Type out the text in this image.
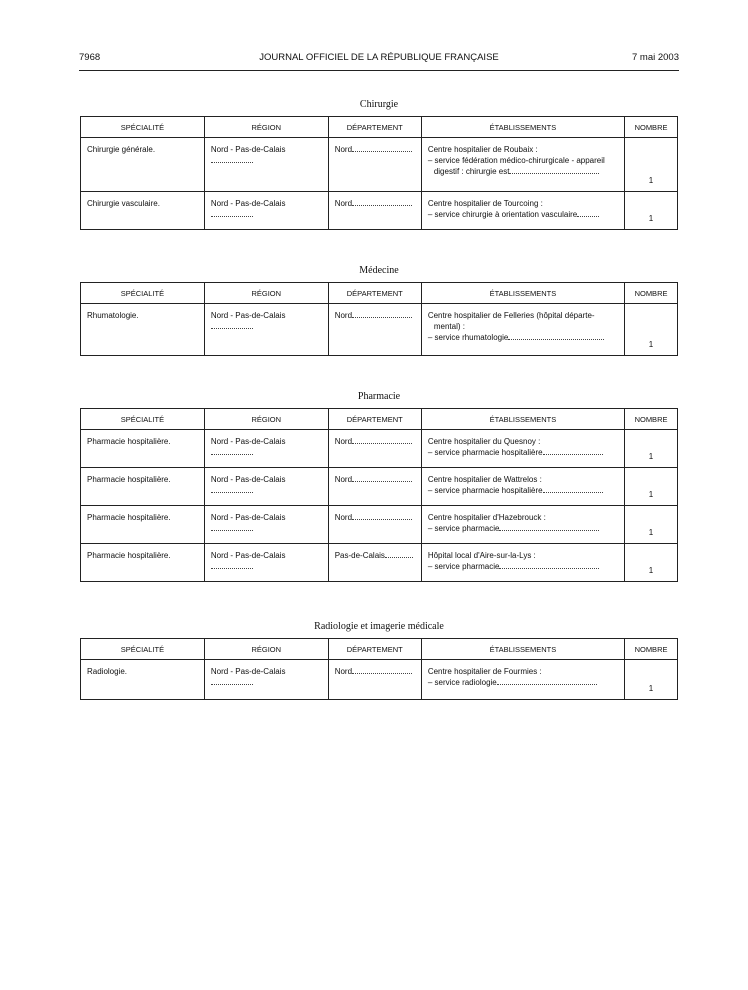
7968	JOURNAL OFFICIEL DE LA RÉPUBLIQUE FRANÇAISE	7 mai 2003
Chirurgie
SPÉCIALITÉ	RÉGION	DÉPARTEMENT	ÉTABLISSEMENTS	NOMBRE
Chirurgie générale.	Nord - Pas-de-Calais	Nord	Centre hospitalier de Roubaix :
– service fédération médico-chirurgicale - appareil
digestif : chirurgie est	1
Chirurgie vasculaire.	Nord - Pas-de-Calais	Nord	Centre hospitalier de Tourcoing :
– service chirurgie à orientation vasculaire	1
Médecine
SPÉCIALITÉ	RÉGION	DÉPARTEMENT	ÉTABLISSEMENTS	NOMBRE
Rhumatologie.	Nord - Pas-de-Calais	Nord	Centre hospitalier de Felleries (hôpital départe-
mental) :
– service rhumatologie	1
Pharmacie
SPÉCIALITÉ	RÉGION	DÉPARTEMENT	ÉTABLISSEMENTS	NOMBRE
Pharmacie hospitalière.	Nord - Pas-de-Calais	Nord	Centre hospitalier du Quesnoy :
– service pharmacie hospitalière	1
Pharmacie hospitalière.	Nord - Pas-de-Calais	Nord	Centre hospitalier de Wattrelos :
– service pharmacie hospitalière	1
Pharmacie hospitalière.	Nord - Pas-de-Calais	Nord	Centre hospitalier d'Hazebrouck :
– service pharmacie	1
Pharmacie hospitalière.	Nord - Pas-de-Calais	Pas-de-Calais	Hôpital local d'Aire-sur-la-Lys :
– service pharmacie	1
Radiologie et imagerie médicale
SPÉCIALITÉ	RÉGION	DÉPARTEMENT	ÉTABLISSEMENTS	NOMBRE
Radiologie.	Nord - Pas-de-Calais	Nord	Centre hospitalier de Fourmies :
– service radiologie	1
